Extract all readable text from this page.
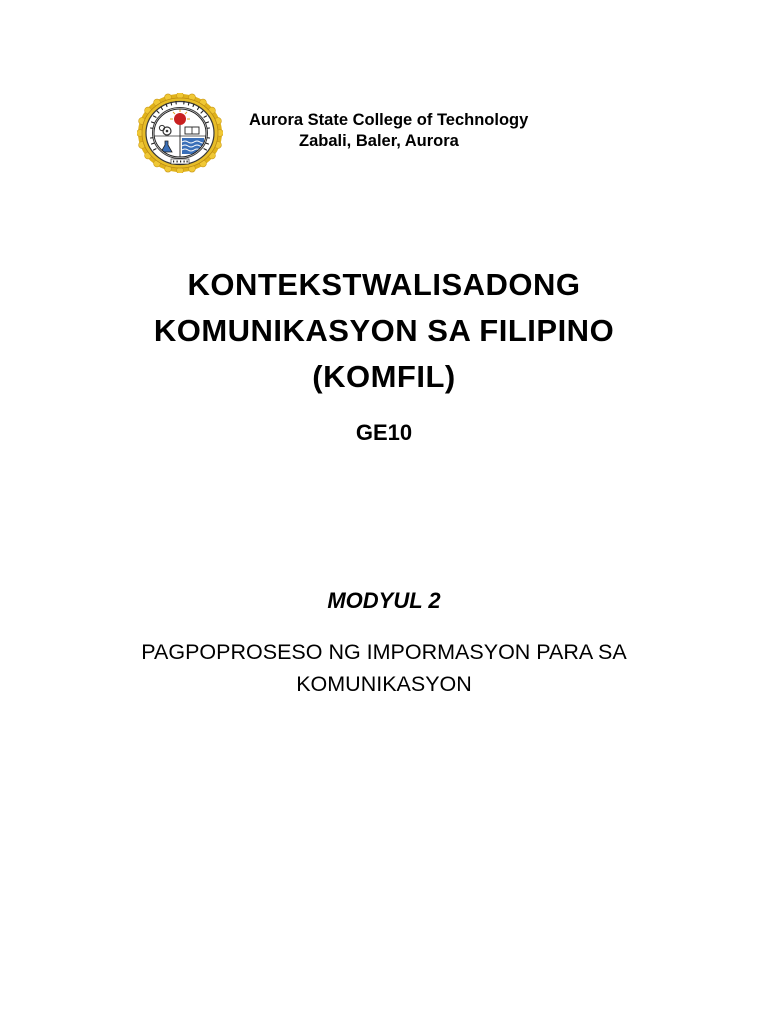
Aurora State College of Technology
Zabali, Baler, Aurora
KONTEKSTWALISADONG
KOMUNIKASYON SA FILIPINO
(KOMFIL)
GE10
MODYUL 2
PAGPOPROSESO NG IMPORMASYON PARA SA
KOMUNIKASYON
